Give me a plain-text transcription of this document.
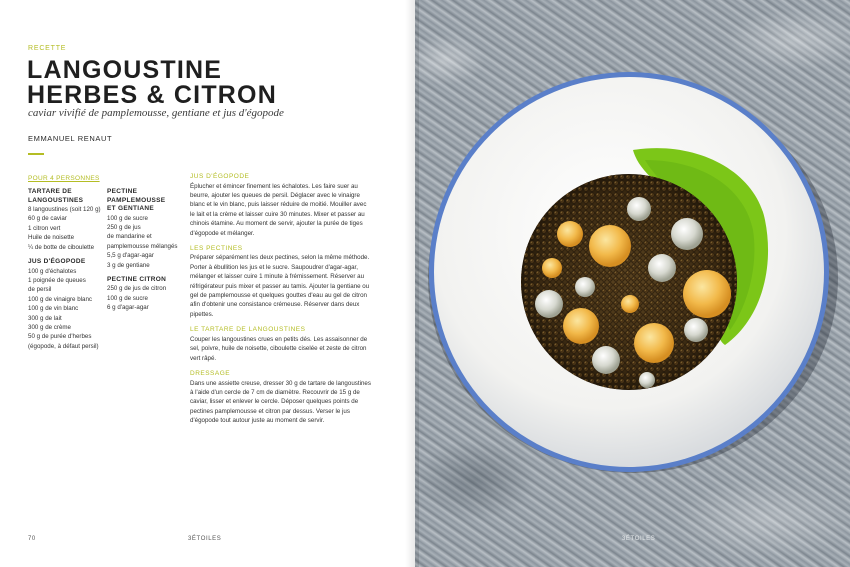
RECETTE
LANGOUSTINE
HERBES & CITRON
caviar vivifié de pamplemousse, gentiane et jus d'égopode
EMMANUEL RENAUT
POUR 4 PERSONNES
TARTARE DE
LANGOUSTINES
8 langoustines (soit 120 g)
60 g de caviar
1 citron vert
Huile de noisette
¼ de botte de ciboulette
JUS D'ÉGOPODE
100 g d'échalotes
1 poignée de queues
de persil
100 g de vinaigre blanc
100 g de vin blanc
300 g de lait
300 g de crème
50 g de purée d'herbes
(égopode, à défaut persil)
PECTINE
PAMPLEMOUSSE
ET GENTIANE
100 g de sucre
250 g de jus
de mandarine et
pamplemousse mélangés
5,5 g d'agar-agar
3 g de gentiane
PECTINE CITRON
250 g de jus de citron
100 g de sucre
6 g d'agar-agar
JUS D'ÉGOPODE

Éplucher et émincer finement les échalotes. Les faire suer au beurre, ajouter les queues de persil. Déglacer avec le vinaigre blanc et le vin blanc, puis laisser réduire de moitié. Mouiller avec le lait et la crème et laisser cuire 30 minutes. Mixer et passer au chinois étamine. Au moment de servir, ajouter la purée de tiges d'égopode et mélanger.

LES PECTINES

Préparer séparément les deux pectines, selon la même méthode. Porter à ébullition les jus et le sucre. Saupoudrer d'agar-agar, mélanger et laisser cuire 1 minute à frémissement. Réserver au réfrigérateur puis mixer et passer au tamis. Ajouter la gentiane ou gel de pamplemousse et quelques gouttes d'eau au gel de citron afin d'obtenir une consistance crémeuse. Réserver dans deux pipettes.

LE TARTARE DE LANGOUSTINES

Couper les langoustines crues en petits dés. Les assaisonner de sel, poivre, huile de noisette, ciboulette ciselée et zeste de citron vert râpé.

DRESSAGE

Dans une assiette creuse, dresser 30 g de tartare de langoustines à l'aide d'un cercle de 7 cm de diamètre. Recouvrir de 15 g de caviar, lisser et enlever le cercle. Déposer quelques points de pectines pamplemousse et citron par dessus. Verser le jus d'égopode tout autour juste au moment de servir.

70	3ÉTOILES	3ÉTOILES
